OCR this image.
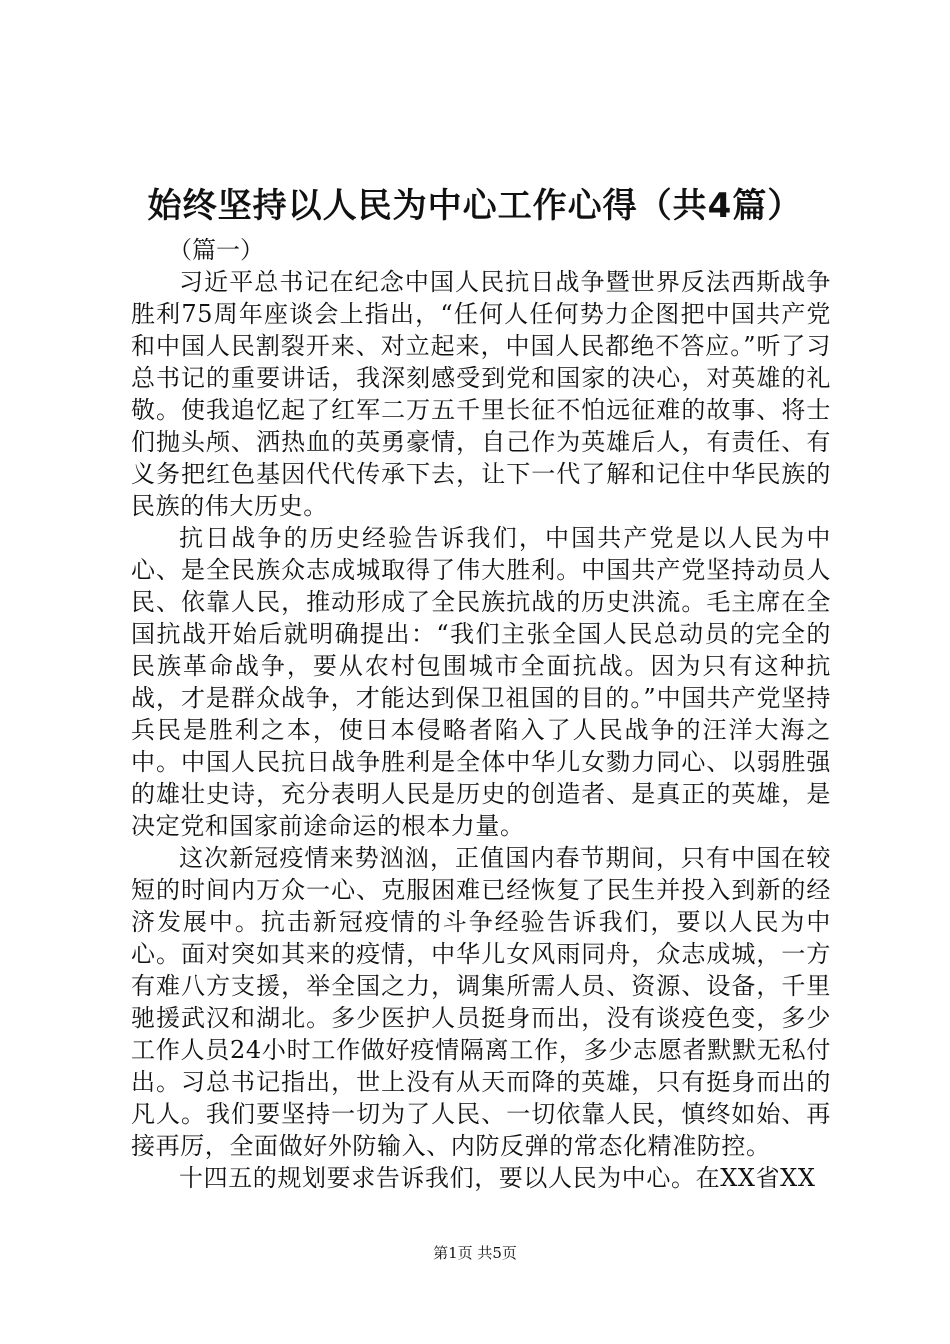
始终坚持以人民为中心工作心得（共4篇）

（篇一）

习近平总书记在纪念中国人民抗日战争暨世界反法西斯战争胜利75周年座谈会上指出，“任何人任何势力企图把中国共产党和中国人民割裂开来、对立起来，中国人民都绝不答应。”听了习总书记的重要讲话，我深刻感受到党和国家的决心，对英雄的礼敬。使我追忆起了红军二万五千里长征不怕远征难的故事、将士们抛头颅、洒热血的英勇豪情，自己作为英雄后人，有责任、有义务把红色基因代代传承下去，让下一代了解和记住中华民族的民族的伟大历史。

抗日战争的历史经验告诉我们，中国共产党是以人民为中心、是全民族众志成城取得了伟大胜利。中国共产党坚持动员人民、依靠人民，推动形成了全民族抗战的历史洪流。毛主席在全国抗战开始后就明确提出：“我们主张全国人民总动员的完全的民族革命战争，要从农村包围城市全面抗战。因为只有这种抗战，才是群众战争，才能达到保卫祖国的目的。”中国共产党坚持兵民是胜利之本，使日本侵略者陷入了人民战争的汪洋大海之中。中国人民抗日战争胜利是全体中华儿女勠力同心、以弱胜强的雄壮史诗，充分表明人民是历史的创造者、是真正的英雄，是决定党和国家前途命运的根本力量。

这次新冠疫情来势汹汹，正值国内春节期间，只有中国在较短的时间内万众一心、克服困难已经恢复了民生并投入到新的经济发展中。抗击新冠疫情的斗争经验告诉我们，要以人民为中心。面对突如其来的疫情，中华儿女风雨同舟，众志成城，一方有难八方支援，举全国之力，调集所需人员、资源、设备，千里驰援武汉和湖北。多少医护人员挺身而出，没有谈疫色变，多少工作人员24小时工作做好疫情隔离工作，多少志愿者默默无私付出。习总书记指出，世上没有从天而降的英雄，只有挺身而出的凡人。我们要坚持一切为了人民、一切依靠人民，慎终如始、再接再厉，全面做好外防输入、内防反弹的常态化精准防控。

十四五的规划要求告诉我们，要以人民为中心。在XX省XX

第1页 共5页
